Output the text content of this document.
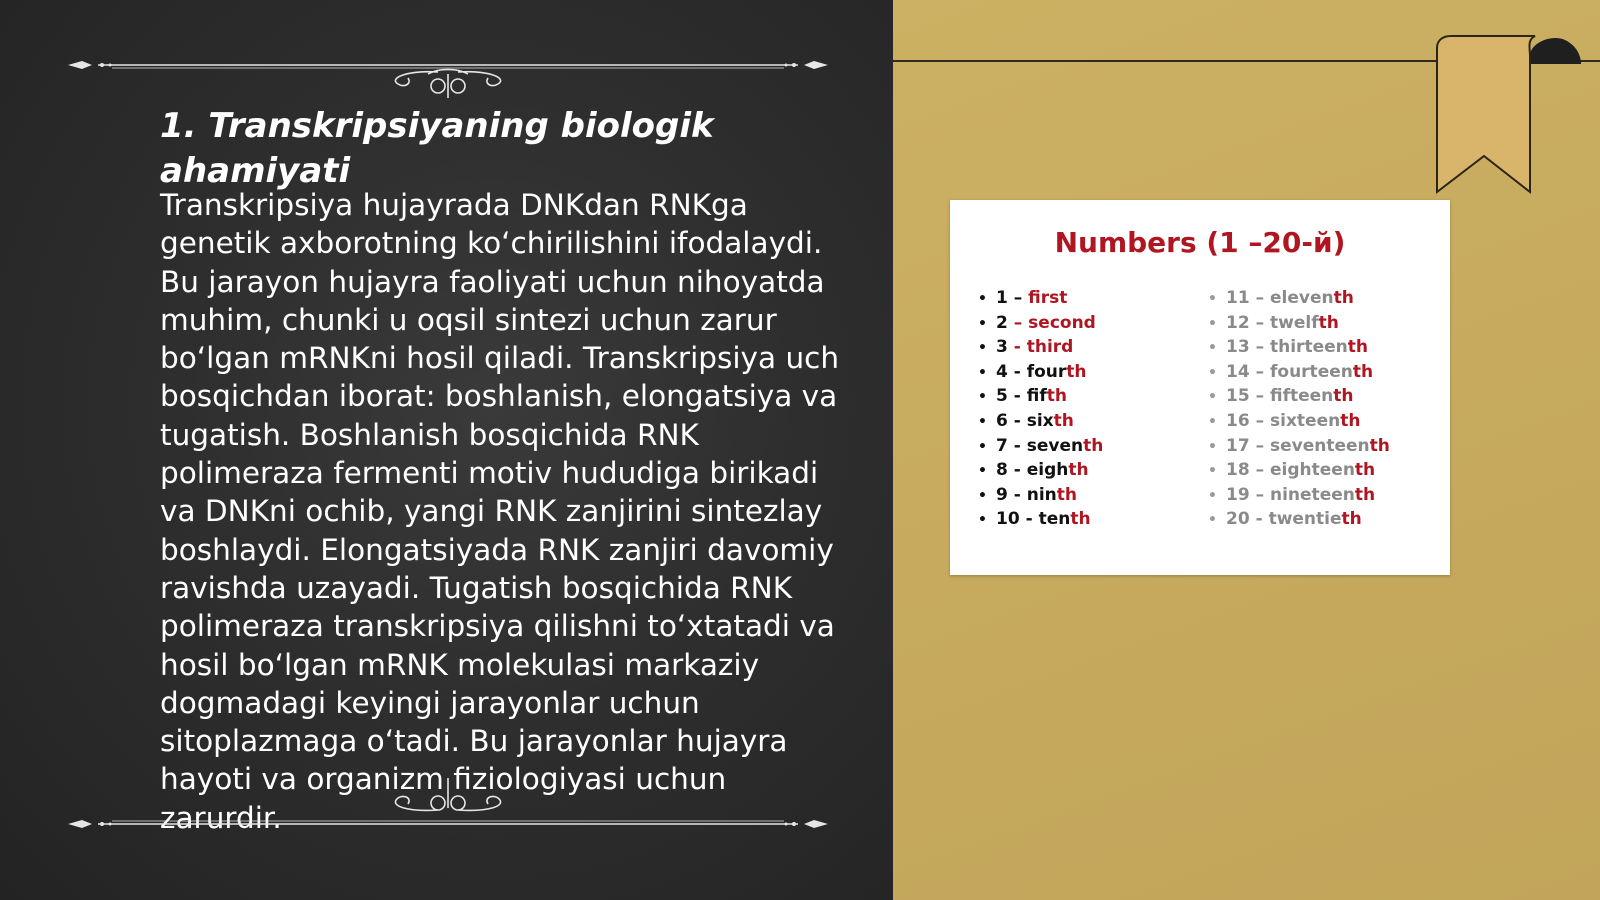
1. Transkripsiyaning biologik ahamiyati

Transkripsiya hujayrada DNKdan RNKga genetik axborotning ko‘chirilishini ifodalaydi. Bu jarayon hujayra faoliyati uchun nihoyatda muhim, chunki u oqsil sintezi uchun zarur bo‘lgan mRNKni hosil qiladi. Transkripsiya uch bosqichdan iborat: boshlanish, elongatsiya va tugatish. Boshlanish bosqichida RNK polimeraza fermenti motiv hududiga birikadi va DNKni ochib, yangi RNK zanjirini sintezlay boshlaydi. Elongatsiyada RNK zanjiri davomiy ravishda uzayadi. Tugatish bosqichida RNK polimeraza transkripsiya qilishni to‘xtatadi va hosil bo‘lgan mRNK molekulasi markaziy dogmadagi keyingi jarayonlar uchun sitoplazmaga o‘tadi. Bu jarayonlar hujayra hayoti va organizm fiziologiyasi uchun zarurdir.

Numbers (1 –20-й)
• 1 – first
• 2 – second
• 3 - third
• 4 - fourth
• 5 - fifth
• 6 - sixth
• 7 - seventh
• 8 - eighth
• 9 - ninth
• 10 - tenth
• 11 – eleventh
• 12 – twelfth
• 13 – thirteenth
• 14 – fourteenth
• 15 – fifteenth
• 16 – sixteenth
• 17 – seventeenth
• 18 – eighteenth
• 19 – nineteenth
• 20 - twentieth
